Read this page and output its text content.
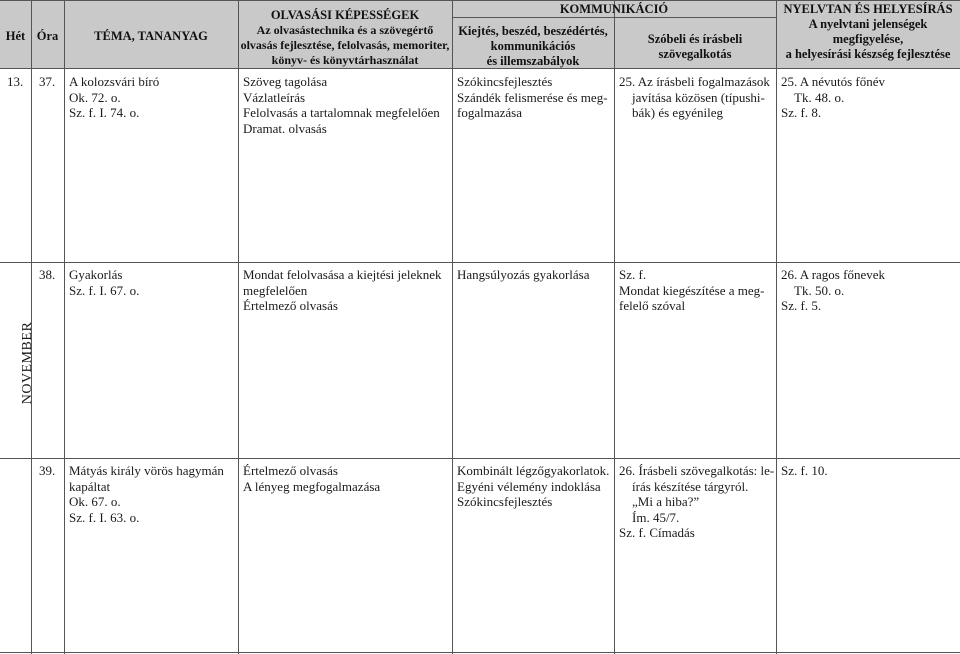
Hét Óra	TÉMA, TANANYAG
OLVASÁSI KÉPESSÉGEK
Az olvasástechnika és a szövegértő
olvasás fejlesztése, felolvasás, memoriter,
könyv- és könyvtárhasználat
KOMMUNIKÁCIÓ
Kiejtés, beszéd, beszédértés,
kommunikációs
és illemszabályok
Szóbeli és írásbeli
szövegalkotás
NYELVTAN ÉS HELYESÍRÁS
A nyelvtani jelenségek
megfigyelése,
a helyesírási készség fejlesztése
NOVEMBER
13. 37. A kolozsvári bíró
Ok. 72. o.
Sz. f. I. 74. o.
Szöveg tagolása
Vázlatleírás
Felolvasás a tartalomnak megfelelően
Dramat. olvasás
Szókincsfejlesztés
Szándék felismerése és meg-
fogalmazása
25. Az írásbeli fogalmazások
javítása közösen (típushi-
bák) és egyénileg
25. A névutós főnév
Tk. 48. o.
Sz. f. 8.
38. Gyakorlás
Sz. f. I. 67. o.
Mondat felolvasása a kiejtési jeleknek
megfelelően
Értelmező olvasás
Hangsúlyozás gyakorlása Sz. f.
Mondat kiegészítése a meg-
felelő szóval
26. A ragos főnevek
Tk. 50. o.
Sz. f. 5.
39. Mátyás király vörös hagymán
kapáltat
Ok. 67. o.
Sz. f. I. 63. o.
Értelmező olvasás
A lényeg megfogalmazása
Kombinált légzőgyakorlatok.
Egyéni vélemény indoklása
Szókincsfejlesztés
26. Írásbeli szövegalkotás: le-
írás készítése tárgyról.
„Mi a hiba?”
Ím. 45/7.
Sz. f. Címadás
Sz. f. 10.
